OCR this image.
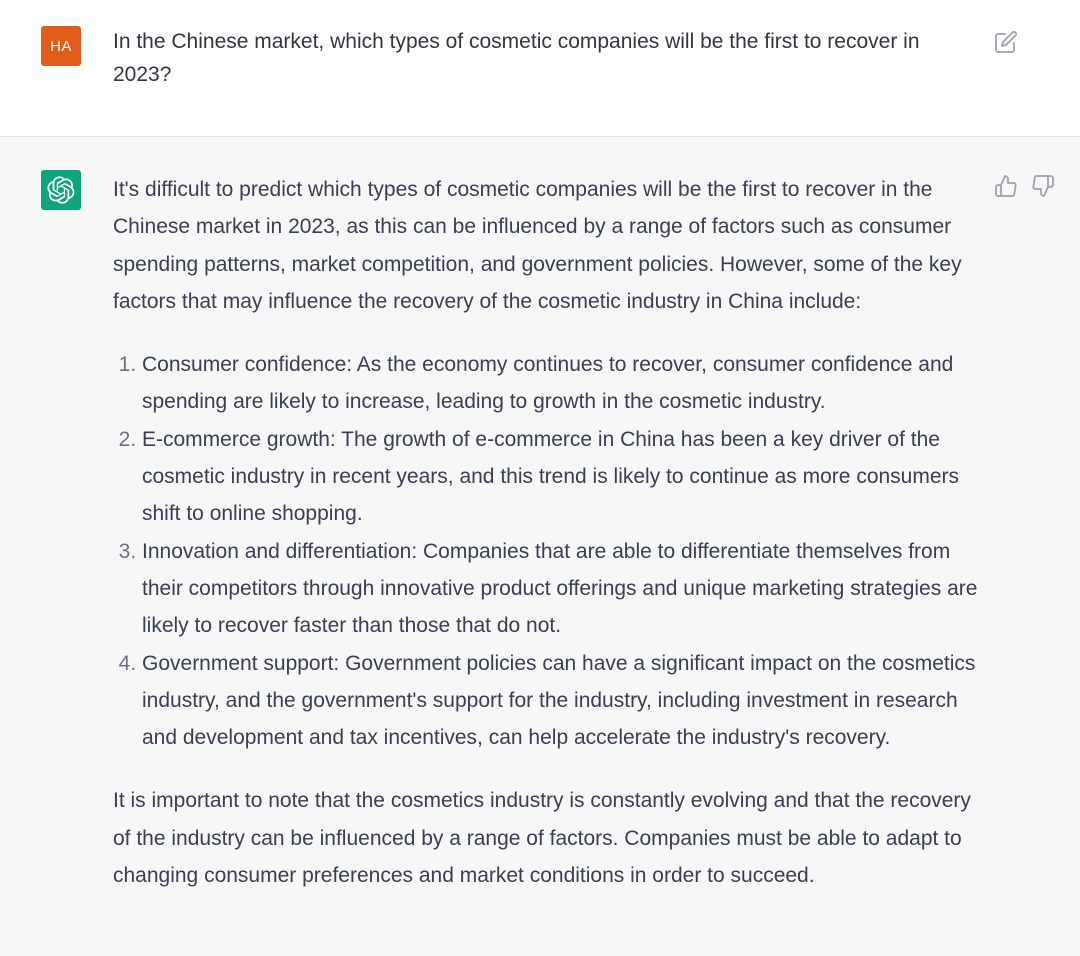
HA In the Chinese market, which types of cosmetic companies will be the first to recover in 2023?

It's difficult to predict which types of cosmetic companies will be the first to recover in the Chinese market in 2023, as this can be influenced by a range of factors such as consumer spending patterns, market competition, and government policies. However, some of the key factors that may influence the recovery of the cosmetic industry in China include:

1. Consumer confidence: As the economy continues to recover, consumer confidence and spending are likely to increase, leading to growth in the cosmetic industry.
2. E-commerce growth: The growth of e-commerce in China has been a key driver of the cosmetic industry in recent years, and this trend is likely to continue as more consumers shift to online shopping.
3. Innovation and differentiation: Companies that are able to differentiate themselves from their competitors through innovative product offerings and unique marketing strategies are likely to recover faster than those that do not.
4. Government support: Government policies can have a significant impact on the cosmetics industry, and the government's support for the industry, including investment in research and development and tax incentives, can help accelerate the industry's recovery.

It is important to note that the cosmetics industry is constantly evolving and that the recovery of the industry can be influenced by a range of factors. Companies must be able to adapt to changing consumer preferences and market conditions in order to succeed.
